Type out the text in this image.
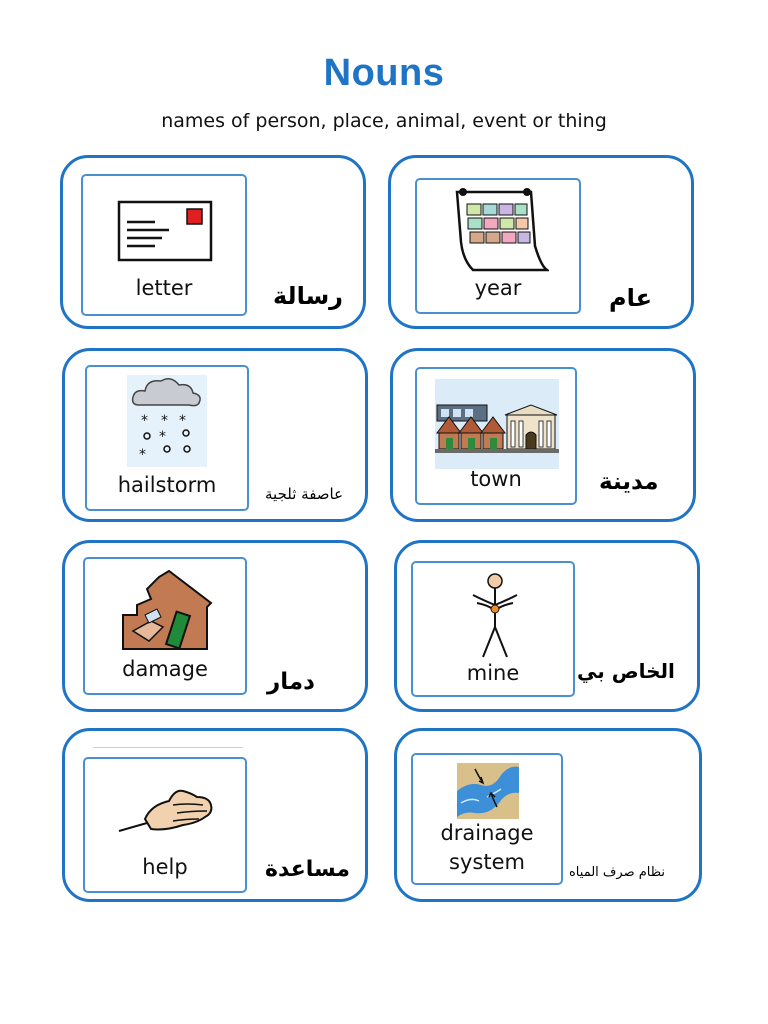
Nouns
names of person, place, animal, event or thing
letter	رسالة	year	عام
* * *
*
*
hailstorm	عاصفة ثلجية
town	مدينة
damage	دمار	mine	الخاص بي
help	مساعدة
drainage
system	نظام صرف المياه
